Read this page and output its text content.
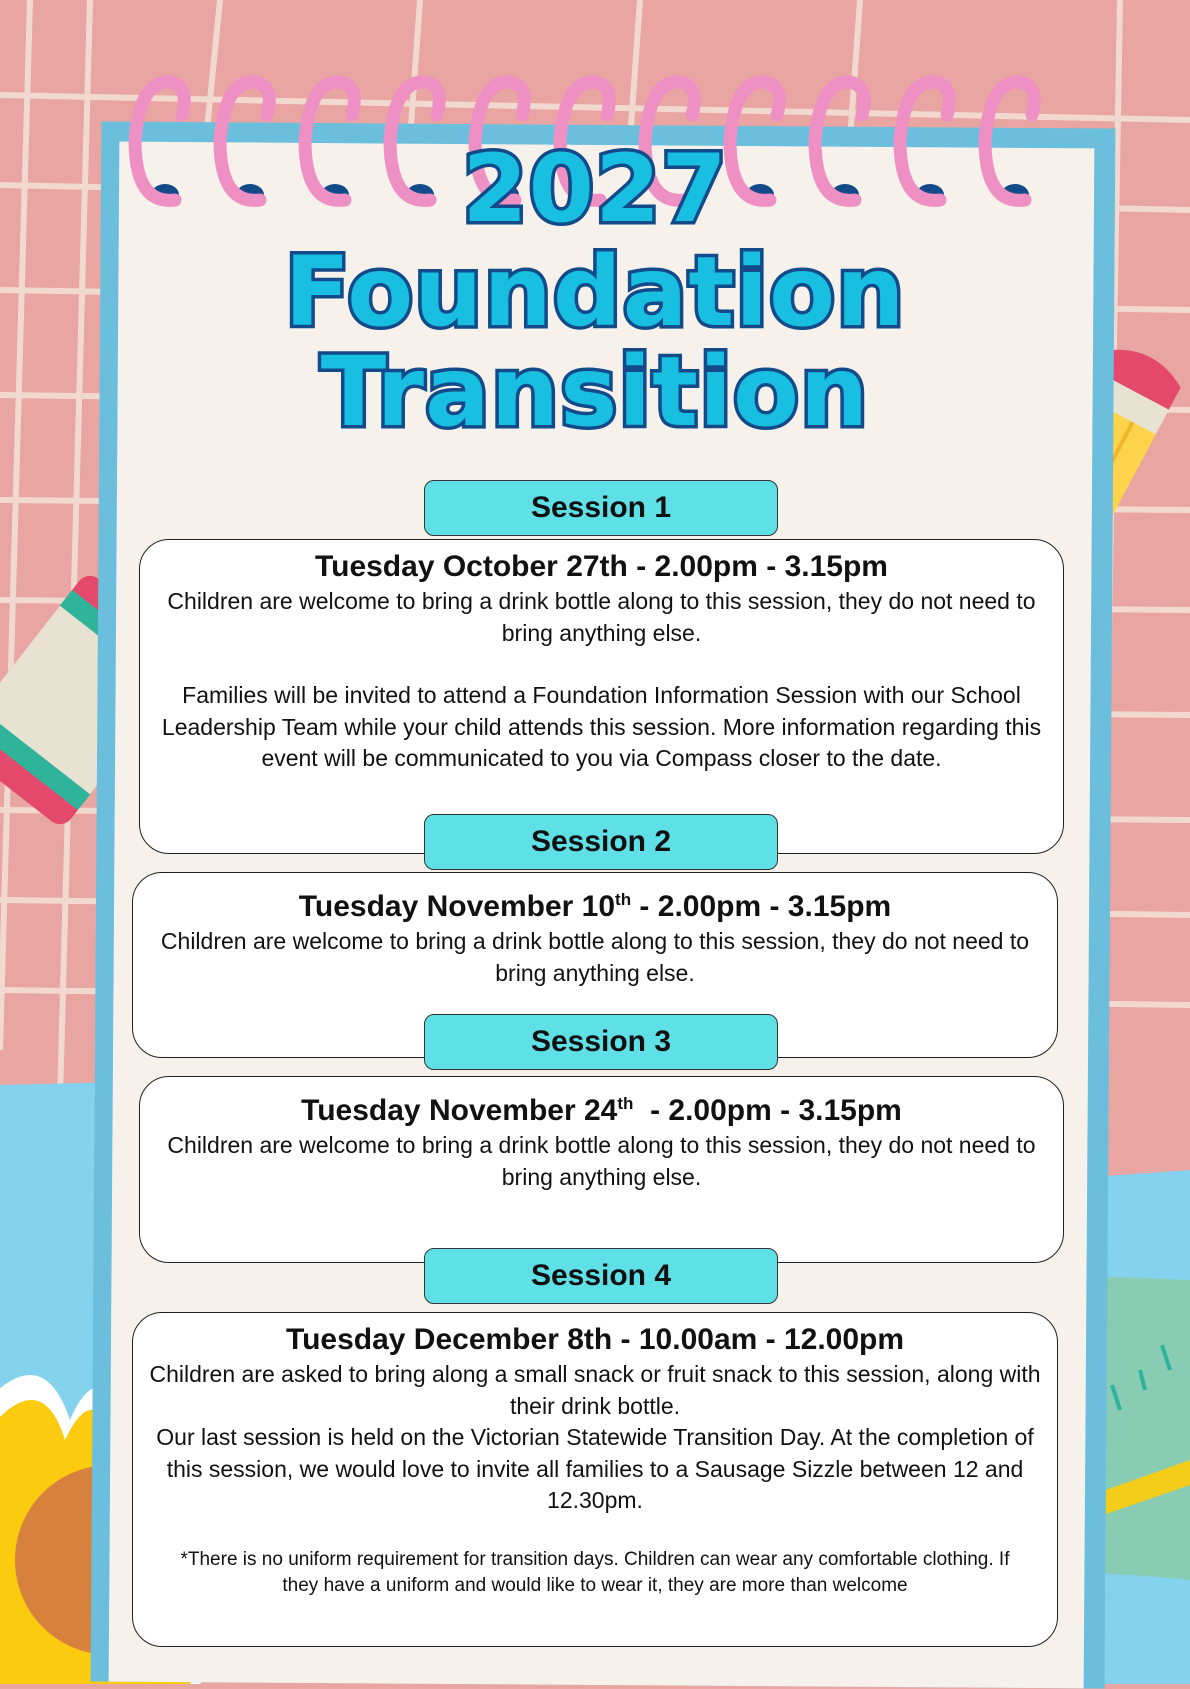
2027
Foundation
Transition
Session 1
Tuesday October 27th - 2.00pm - 3.15pm

Children are welcome to bring a drink bottle along to this session, they do not need to bring anything else.

Families will be invited to attend a Foundation Information Session with our School Leadership Team while your child attends this session. More information regarding this event will be communicated to you via Compass closer to the date.

Session 2
Tuesday November 10th - 2.00pm - 3.15pm

Children are welcome to bring a drink bottle along to this session, they do not need to bring anything else.

Session 3
Tuesday November 24th  - 2.00pm - 3.15pm

Children are welcome to bring a drink bottle along to this session, they do not need to bring anything else.

Session 4
Tuesday December 8th - 10.00am - 12.00pm

Children are asked to bring along a small snack or fruit snack to this session, along with their drink bottle.

Our last session is held on the Victorian Statewide Transition Day. At the completion of this session, we would love to invite all families to a Sausage Sizzle between 12 and 12.30pm.

*There is no uniform requirement for transition days. Children can wear any comfortable clothing. If they have a uniform and would like to wear it, they are more than welcome
